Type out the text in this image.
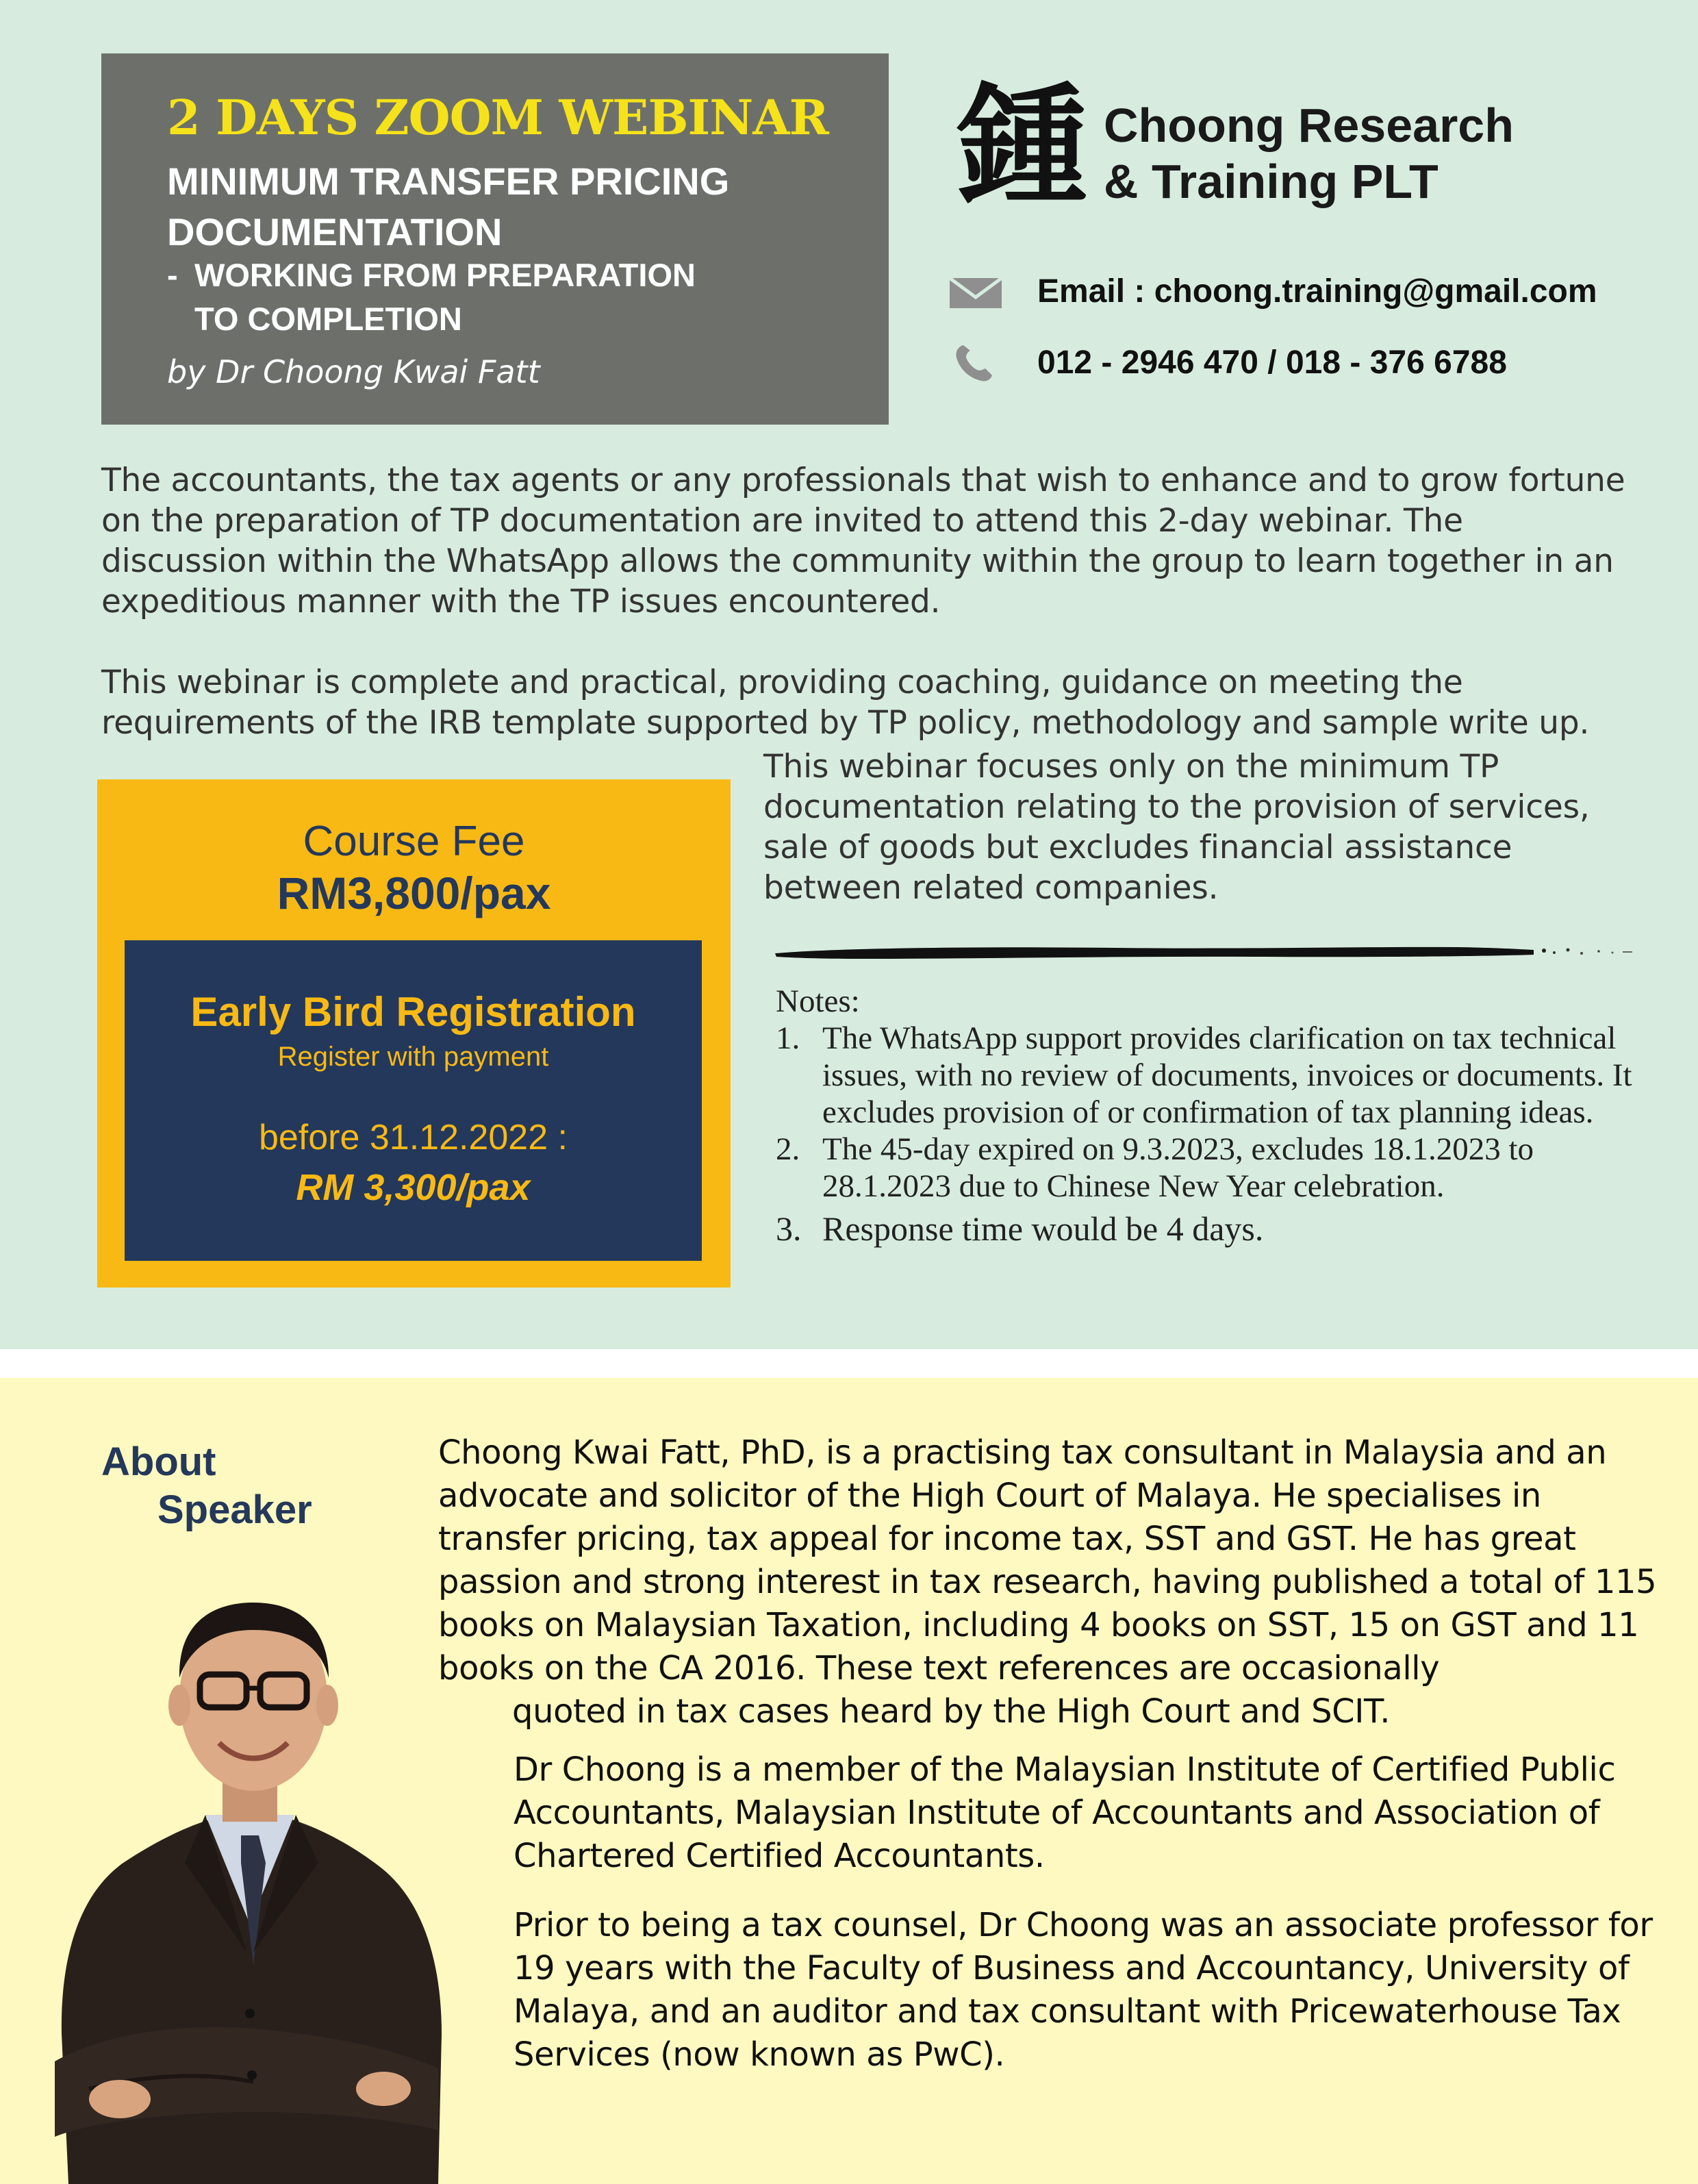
2 DAYS ZOOM WEBINAR
MINIMUM TRANSFER PRICING DOCUMENTATION
- WORKING FROM PREPARATION
TO COMPLETION
by Dr Choong Kwai Fatt
鍾 Choong Research
& Training PLT
Email : choong.training@gmail.com
012 - 2946 470 / 018 - 376 6788
The accountants, the tax agents or any professionals that wish to enhance and to grow fortune on the preparation of TP documentation are invited to attend this 2-day webinar. The discussion within the WhatsApp allows the community within the group to learn together in an expeditious manner with the TP issues encountered.
This webinar is complete and practical, providing coaching, guidance on meeting the requirements of the IRB template supported by TP policy, methodology and sample write up.
This webinar focuses only on the minimum TP documentation relating to the provision of services, sale of goods but excludes financial assistance between related companies.
Course Fee
RM3,800/pax
Early Bird Registration
Register with payment
before 31.12.2022 :
RM 3,300/pax
Notes:
1. The WhatsApp support provides clarification on tax technical issues, with no review of documents, invoices or documents. It excludes provision of or confirmation of tax planning ideas.
2. The 45-day expired on 9.3.2023, excludes 18.1.2023 to 28.1.2023 due to Chinese New Year celebration.
3. Response time would be 4 days.
About
Speaker
Choong Kwai Fatt, PhD, is a practising tax consultant in Malaysia and an advocate and solicitor of the High Court of Malaya. He specialises in transfer pricing, tax appeal for income tax, SST and GST. He has great passion and strong interest in tax research, having published a total of 115 books on Malaysian Taxation, including 4 books on SST, 15 on GST and 11 books on the CA 2016. These text references are occasionally
quoted in tax cases heard by the High Court and SCIT.
Dr Choong is a member of the Malaysian Institute of Certified Public Accountants, Malaysian Institute of Accountants and Association of Chartered Certified Accountants.
Prior to being a tax counsel, Dr Choong was an associate professor for 19 years with the Faculty of Business and Accountancy, University of Malaya, and an auditor and tax consultant with Pricewaterhouse Tax Services (now known as PwC).
